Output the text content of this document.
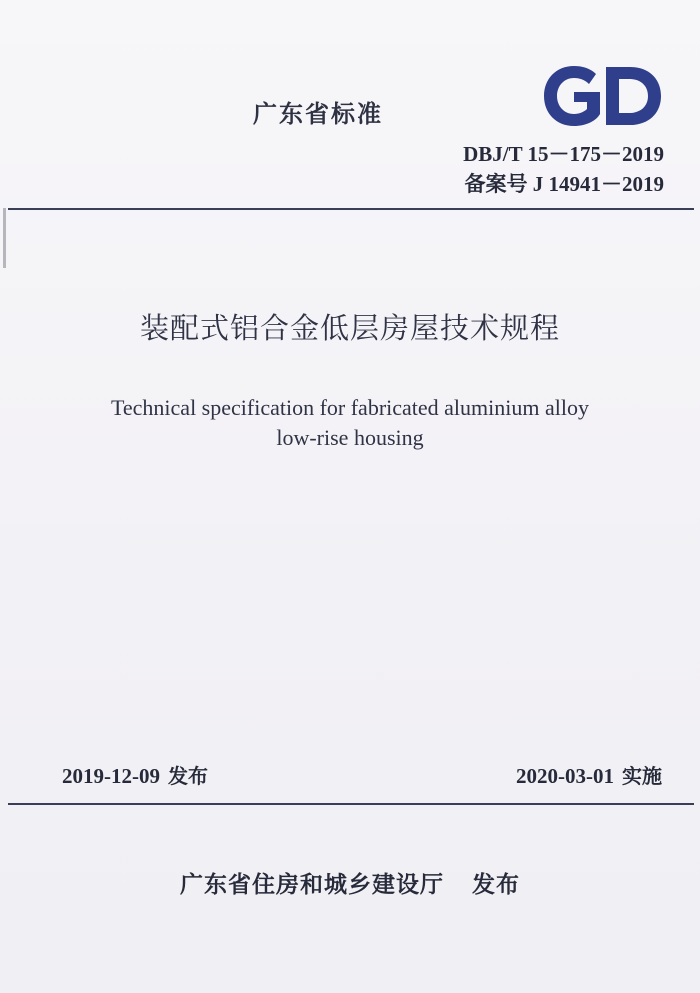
广东省标准
DBJ/T 15－175－2019
备案号 J 14941－2019
装配式铝合金低层房屋技术规程
Technical specification for fabricated aluminium alloy
low-rise housing
2019-12-09 发布	2020-03-01 实施
广东省住房和城乡建设厅 发布
